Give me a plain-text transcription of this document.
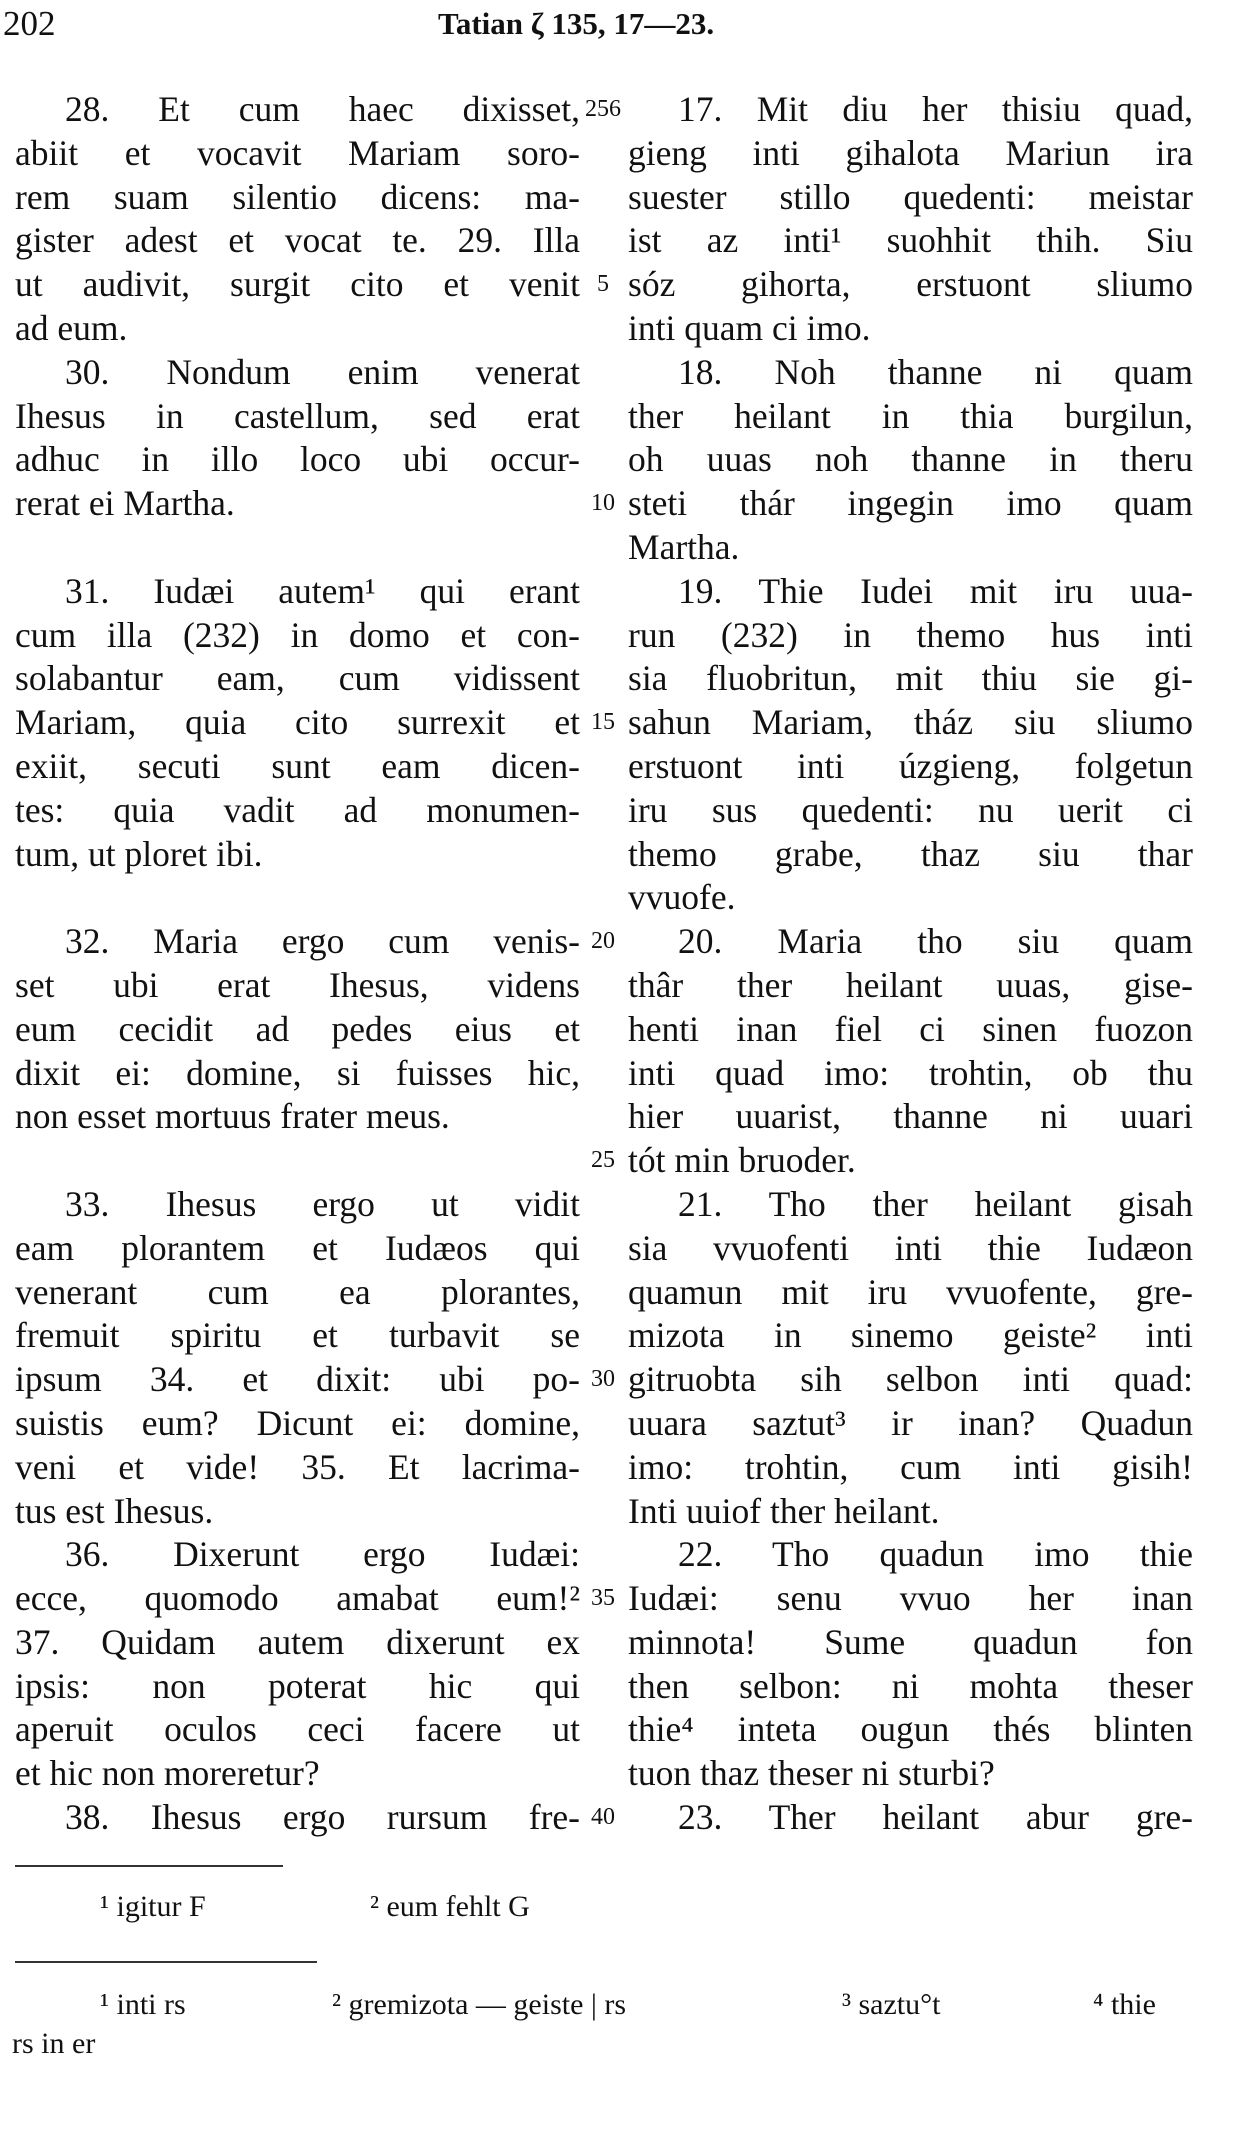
202	Tatian ζ 135, 17—23.
28. Et cum haec dixisset,
abiit et vocavit Mariam soro-
rem suam silentio dicens: ma-
gister adest et vocat te. 29. Illa
ut audivit, surgit cito et venit
ad eum.
30. Nondum enim venerat
Ihesus in castellum, sed erat
adhuc in illo loco ubi occur-
rerat ei Martha.
31. Iudæi autem¹ qui erant
cum illa (232) in domo et con-
solabantur eam, cum vidissent
Mariam, quia cito surrexit et
exiit, secuti sunt eam dicen-
tes: quia vadit ad monumen-
tum, ut ploret ibi.
32. Maria ergo cum venis-
set ubi erat Ihesus, videns
eum cecidit ad pedes eius et
dixit ei: domine, si fuisses hic,
non esset mortuus frater meus.
33. Ihesus ergo ut vidit
eam plorantem et Iudæos qui
venerant cum ea plorantes,
fremuit spiritu et turbavit se
ipsum 34. et dixit: ubi po-
suistis eum? Dicunt ei: domine,
veni et vide! 35. Et lacrima-
tus est Ihesus.
36. Dixerunt ergo Iudæi:
ecce, quomodo amabat eum!²
37. Quidam autem dixerunt ex
ipsis: non poterat hic qui
aperuit oculos ceci facere ut
et hic non moreretur?
38. Ihesus ergo rursum fre-
256
5
10
15
20
25
30
35
40
17. Mit diu her thisiu quad,
gieng inti gihalota Mariun ira
suester stillo quedenti: meistar
ist az inti¹ suohhit thih. Siu
sóz gihorta, erstuont sliumo
inti quam ci imo.
18. Noh thanne ni quam
ther heilant in thia burgilun,
oh uuas noh thanne in theru
steti thár ingegin imo quam
Martha.
19. Thie Iudei mit iru uua-
run (232) in themo hus inti
sia fluobritun, mit thiu sie gi-
sahun Mariam, tház siu sliumo
erstuont inti úzgieng, folgetun
iru sus quedenti: nu uerit ci
themo grabe, thaz siu thar
vvuofe.
20. Maria tho siu quam
thâr ther heilant uuas, gise-
henti inan fiel ci sinen fuozon
inti quad imo: trohtin, ob thu
hier uuarist, thanne ni uuari
tót min bruoder.
21. Tho ther heilant gisah
sia vvuofenti inti thie Iudæon
quamun mit iru vvuofente, gre-
mizota in sinemo geiste² inti
gitruobta sih selbon inti quad:
uuara saztut³ ir inan? Quadun
imo: trohtin, cum inti gisih!
Inti uuiof ther heilant.
22. Tho quadun imo thie
Iudæi: senu vvuo her inan
minnota! Sume quadun fon
then selbon: ni mohta theser
thie⁴ inteta ougun thés blinten
tuon thaz theser ni sturbi?
23. Ther heilant abur gre-
¹ igitur F	² eum fehlt G
¹ inti rs	² gremizota — geiste | rs	³ saztu°t	⁴ thie
rs in er
